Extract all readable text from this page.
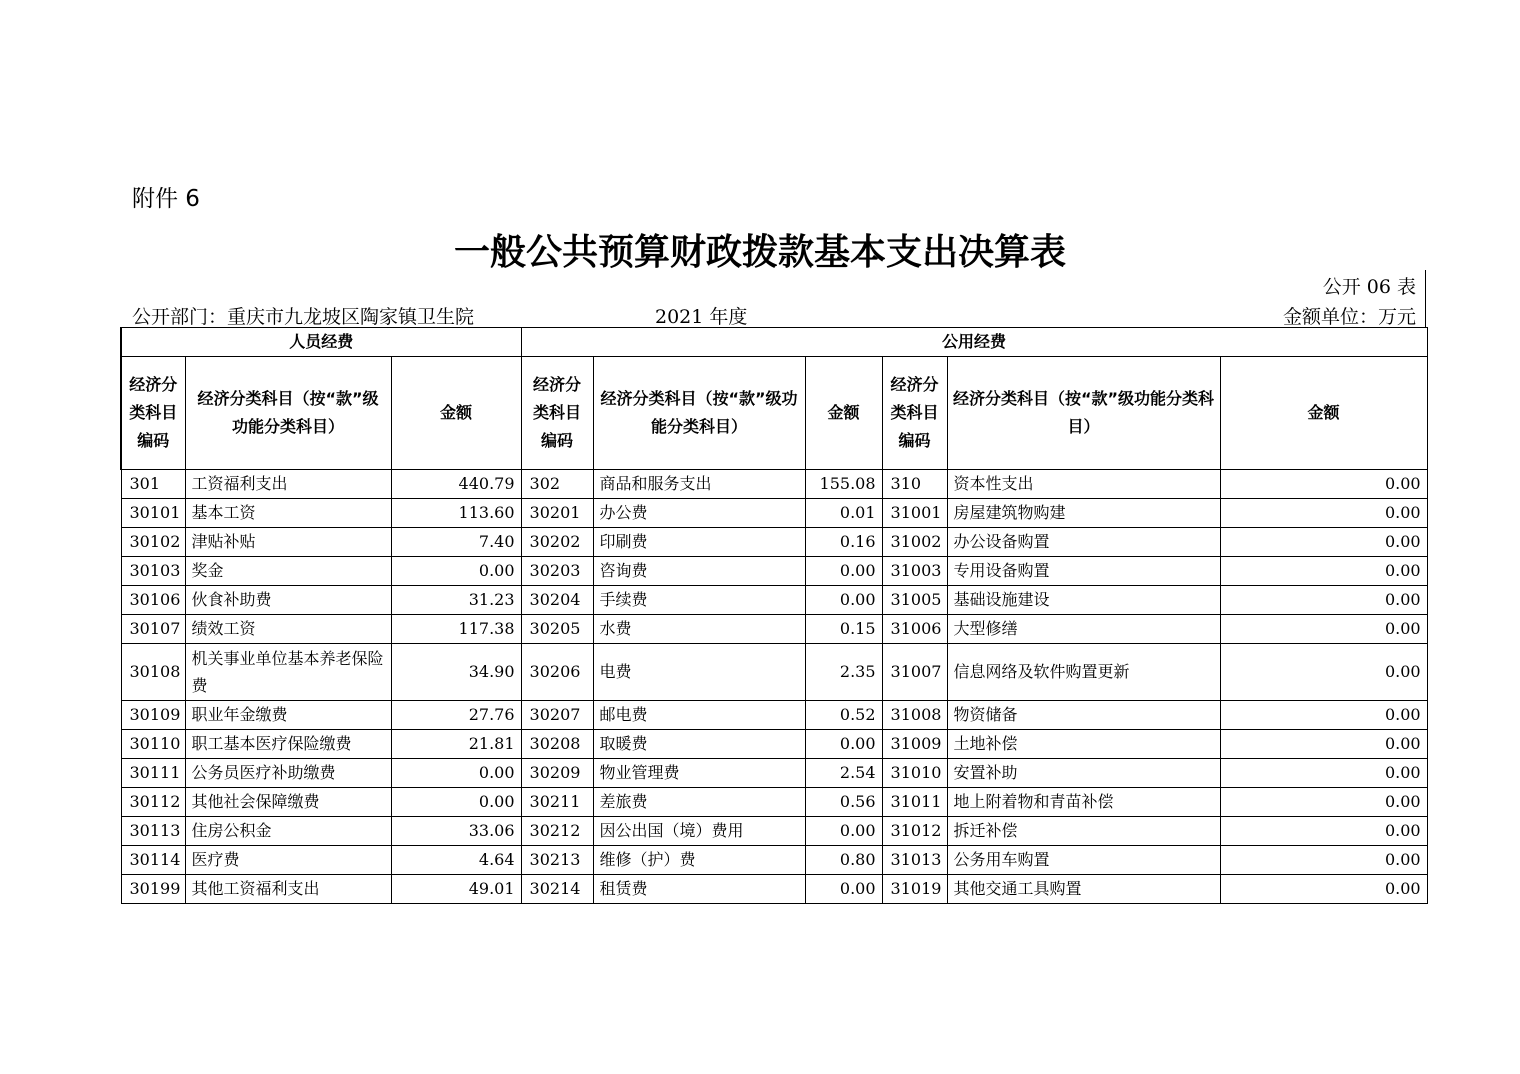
附件 6
一般公共预算财政拨款基本支出决算表
公开 06 表
公开部门：重庆市九龙坡区陶家镇卫生院	2021 年度	金额单位：万元
人员经费			公用经费					
经济分类科目编码	经济分类科目（按“款”级功能分类科目）	金额	经济分类科目编码	经济分类科目（按“款”级功能分类科目）	金额	经济分类科目编码	经济分类科目（按“款”级功能分类科目）	金额
301	工资福利支出	440.79	302	商品和服务支出	155.08	310	资本性支出	0.00
30101	基本工资	113.60	30201	办公费	0.01	31001	房屋建筑物购建	0.00
30102	津贴补贴	7.40	30202	印刷费	0.16	31002	办公设备购置	0.00
30103	奖金	0.00	30203	咨询费	0.00	31003	专用设备购置	0.00
30106	伙食补助费	31.23	30204	手续费	0.00	31005	基础设施建设	0.00
30107	绩效工资	117.38	30205	水费	0.15	31006	大型修缮	0.00
30108	机关事业单位基本养老保险费	34.90	30206	电费	2.35	31007	信息网络及软件购置更新	0.00
30109	职业年金缴费	27.76	30207	邮电费	0.52	31008	物资储备	0.00
30110	职工基本医疗保险缴费	21.81	30208	取暖费	0.00	31009	土地补偿	0.00
30111	公务员医疗补助缴费	0.00	30209	物业管理费	2.54	31010	安置补助	0.00
30112	其他社会保障缴费	0.00	30211	差旅费	0.56	31011	地上附着物和青苗补偿	0.00
30113	住房公积金	33.06	30212	因公出国（境）费用	0.00	31012	拆迁补偿	0.00
30114	医疗费	4.64	30213	维修（护）费	0.80	31013	公务用车购置	0.00
30199	其他工资福利支出	49.01	30214	租赁费	0.00	31019	其他交通工具购置	0.00
